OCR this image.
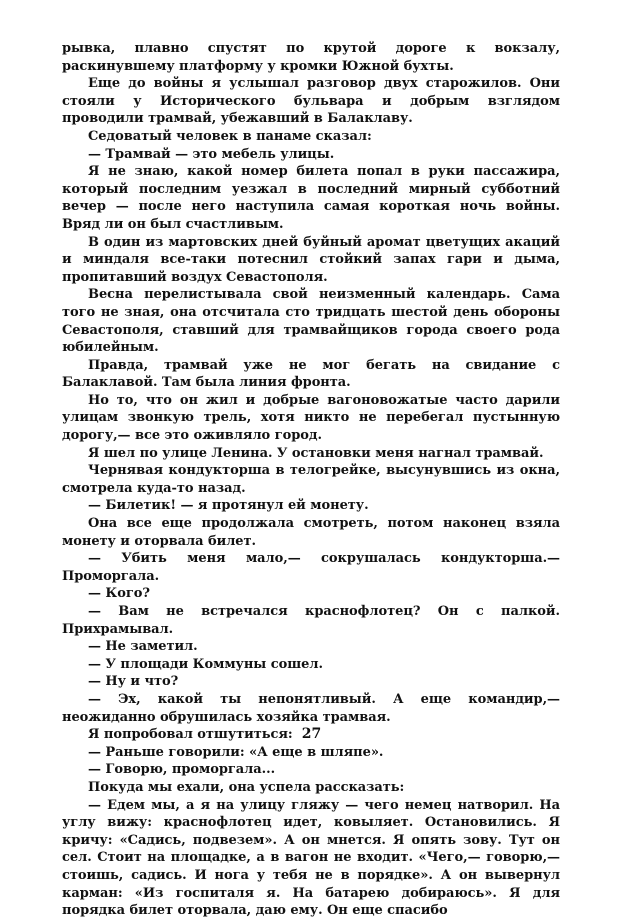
рывка, плавно спустят по крутой дороге к вокзалу, раскинувшему платформу у кромки Южной бухты.

Еще до войны я услышал разговор двух старожилов. Они стояли у Исторического бульвара и добрым взглядом проводили трамвай, убежавший в Балаклаву.

Седоватый человек в панаме сказал:

— Трамвай — это мебель улицы.

Я не знаю, какой номер билета попал в руки пассажира, который последним уезжал в последний мирный субботний вечер — после него наступила самая короткая ночь войны. Вряд ли он был счастливым.

В один из мартовских дней буйный аромат цветущих акаций и миндаля все-таки потеснил стойкий запах гари и дыма, пропитавший воздух Севастополя.

Весна перелистывала свой неизменный календарь. Сама того не зная, она отсчитала сто тридцать шестой день обороны Севастополя, ставший для трамвайщиков города своего рода юбилейным.

Правда, трамвай уже не мог бегать на свидание с Балаклавой. Там была линия фронта.

Но то, что он жил и добрые вагоновожатые часто дарили улицам звонкую трель, хотя никто не перебегал пустынную дорогу,— все это оживляло город.

Я шел по улице Ленина. У остановки меня нагнал трамвай.

Чернявая кондукторша в телогрейке, высунувшись из окна, смотрела куда-то назад.

— Билетик! — я протянул ей монету.

Она все еще продолжала смотреть, потом наконец взяла монету и оторвала билет.

— Убить меня мало,— сокрушалась кондукторша.— Проморгала.

— Кого?

— Вам не встречался краснофлотец? Он с палкой. Прихрамывал.

— Не заметил.

— У площади Коммуны сошел.

— Ну и что?

— Эх, какой ты непонятливый. А еще командир,— неожиданно обрушилась хозяйка трамвая.

Я попробовал отшутиться:

— Раньше говорили: «А еще в шляпе».

— Говорю, проморгала...

Покуда мы ехали, она успела рассказать:

— Едем мы, а я на улицу гляжу — чего немец натворил. На углу вижу: краснофлотец идет, ковыляет. Остановились. Я кричу: «Садись, подвезем». А он мнется. Я опять зову. Тут он сел. Стоит на площадке, а в вагон не входит. «Чего,— говорю,— стоишь, садись. И нога у тебя не в порядке». А он вывернул карман: «Из госпиталя я. На батарею добираюсь». Я для порядка билет оторвала, даю ему. Он еще спасибо

27
